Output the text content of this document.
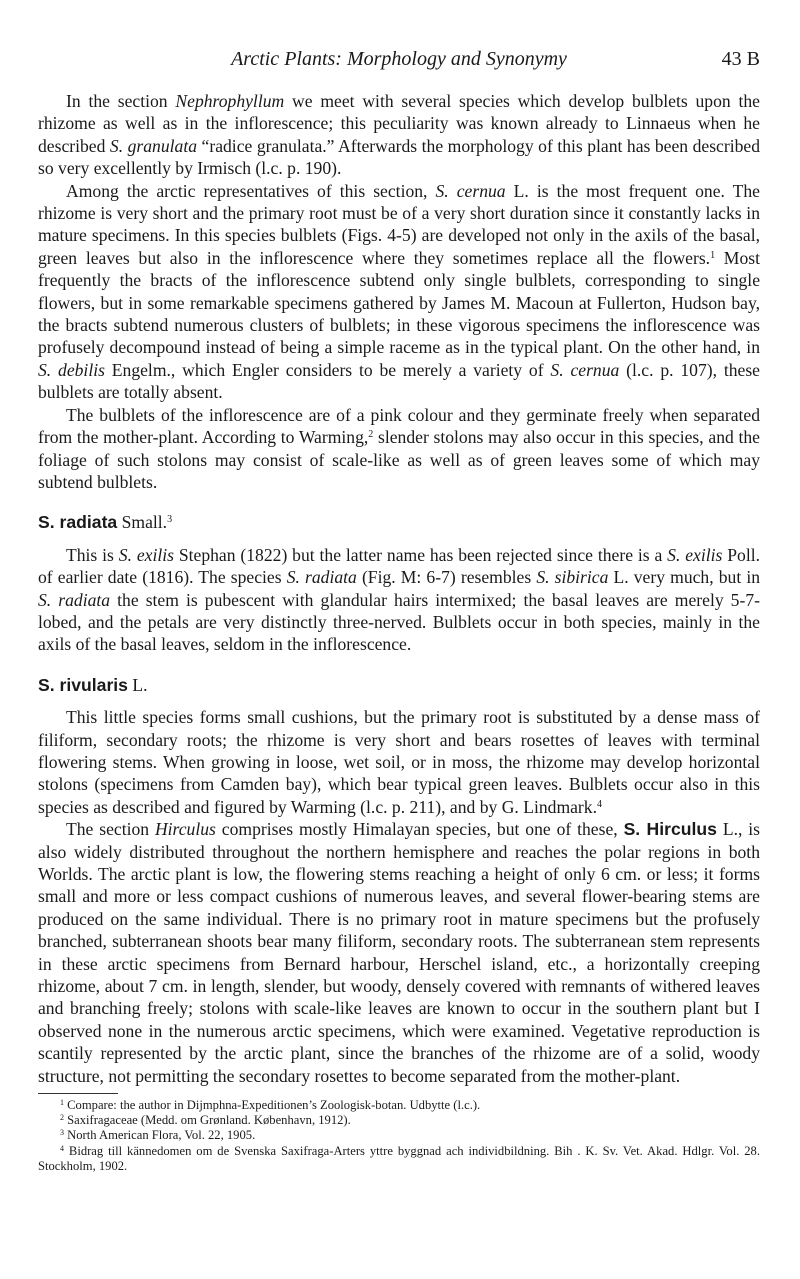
Arctic Plants: Morphology and Synonymy	43 B

In the section Nephrophyllum we meet with several species which develop bulblets upon the rhizome as well as in the inflorescence; this peculiarity was known already to Linnaeus when he described S. granulata “radice granulata.” Afterwards the morphology of this plant has been described so very excellently by Irmisch (l.c. p. 190).

Among the arctic representatives of this section, S. cernua L. is the most frequent one. The rhizome is very short and the primary root must be of a very short duration since it constantly lacks in mature specimens. In this species bulblets (Figs. 4-5) are developed not only in the axils of the basal, green leaves but also in the inflorescence where they sometimes replace all the flowers.$^1$ Most frequently the bracts of the inflorescence subtend only single bulblets, corresponding to single flowers, but in some remarkable specimens gathered by James M. Macoun at Fullerton, Hudson bay, the bracts subtend numerous clusters of bulblets; in these vigorous specimens the inflorescence was profusely decompound instead of being a simple raceme as in the typical plant. On the other hand, in S. debilis Engelm., which Engler considers to be merely a variety of S. cernua (l.c. p. 107), these bulblets are totally absent.

The bulblets of the inflorescence are of a pink colour and they germinate freely when separated from the mother-plant. According to Warming,$^2$ slender stolons may also occur in this species, and the foliage of such stolons may consist of scale-like as well as of green leaves some of which may subtend bulblets.

S. radiata Small.$^3$

This is S. exilis Stephan (1822) but the latter name has been rejected since there is a S. exilis Poll. of earlier date (1816). The species S. radiata (Fig. M: 6-7) resembles S. sibirica L. very much, but in S. radiata the stem is pubescent with glandular hairs intermixed; the basal leaves are merely 5-7-lobed, and the petals are very distinctly three-nerved. Bulblets occur in both species, mainly in the axils of the basal leaves, seldom in the inflorescence.

S. rivularis L.

This little species forms small cushions, but the primary root is substituted by a dense mass of filiform, secondary roots; the rhizome is very short and bears rosettes of leaves with terminal flowering stems. When growing in loose, wet soil, or in moss, the rhizome may develop horizontal stolons (specimens from Camden bay), which bear typical green leaves. Bulblets occur also in this species as described and figured by Warming (l.c. p. 211), and by G. Lindmark.$^4$

The section Hirculus comprises mostly Himalayan species, but one of these, S. Hirculus L., is also widely distributed throughout the northern hemisphere and reaches the polar regions in both Worlds. The arctic plant is low, the flowering stems reaching a height of only 6 cm. or less; it forms small and more or less compact cushions of numerous leaves, and several flower-bearing stems are produced on the same individual. There is no primary root in mature specimens but the profusely branched, subterranean shoots bear many filiform, secondary roots. The subterranean stem represents in these arctic specimens from Bernard harbour, Herschel island, etc., a horizontally creeping rhizome, about 7 cm. in length, slender, but woody, densely covered with remnants of withered leaves and branching freely; stolons with scale-like leaves are known to occur in the southern plant but I observed none in the numerous arctic specimens, which were examined. Vegetative reproduction is scantily represented by the arctic plant, since the branches of the rhizome are of a solid, woody structure, not permitting the secondary rosettes to become separated from the mother-plant.

$^1$ Compare: the author in Dijmphna-Expeditionen’s Zoologisk-botan. Udbytte (l.c.).

$^2$ Saxifragaceae (Medd. om Grønland. København, 1912).

$^3$ North American Flora, Vol. 22, 1905.

$^4$ Bidrag till kännedomen om de Svenska Saxifraga-Arters yttre byggnad ach individbildning. Bih . K. Sv. Vet. Akad. Hdlgr. Vol. 28. Stockholm, 1902.
